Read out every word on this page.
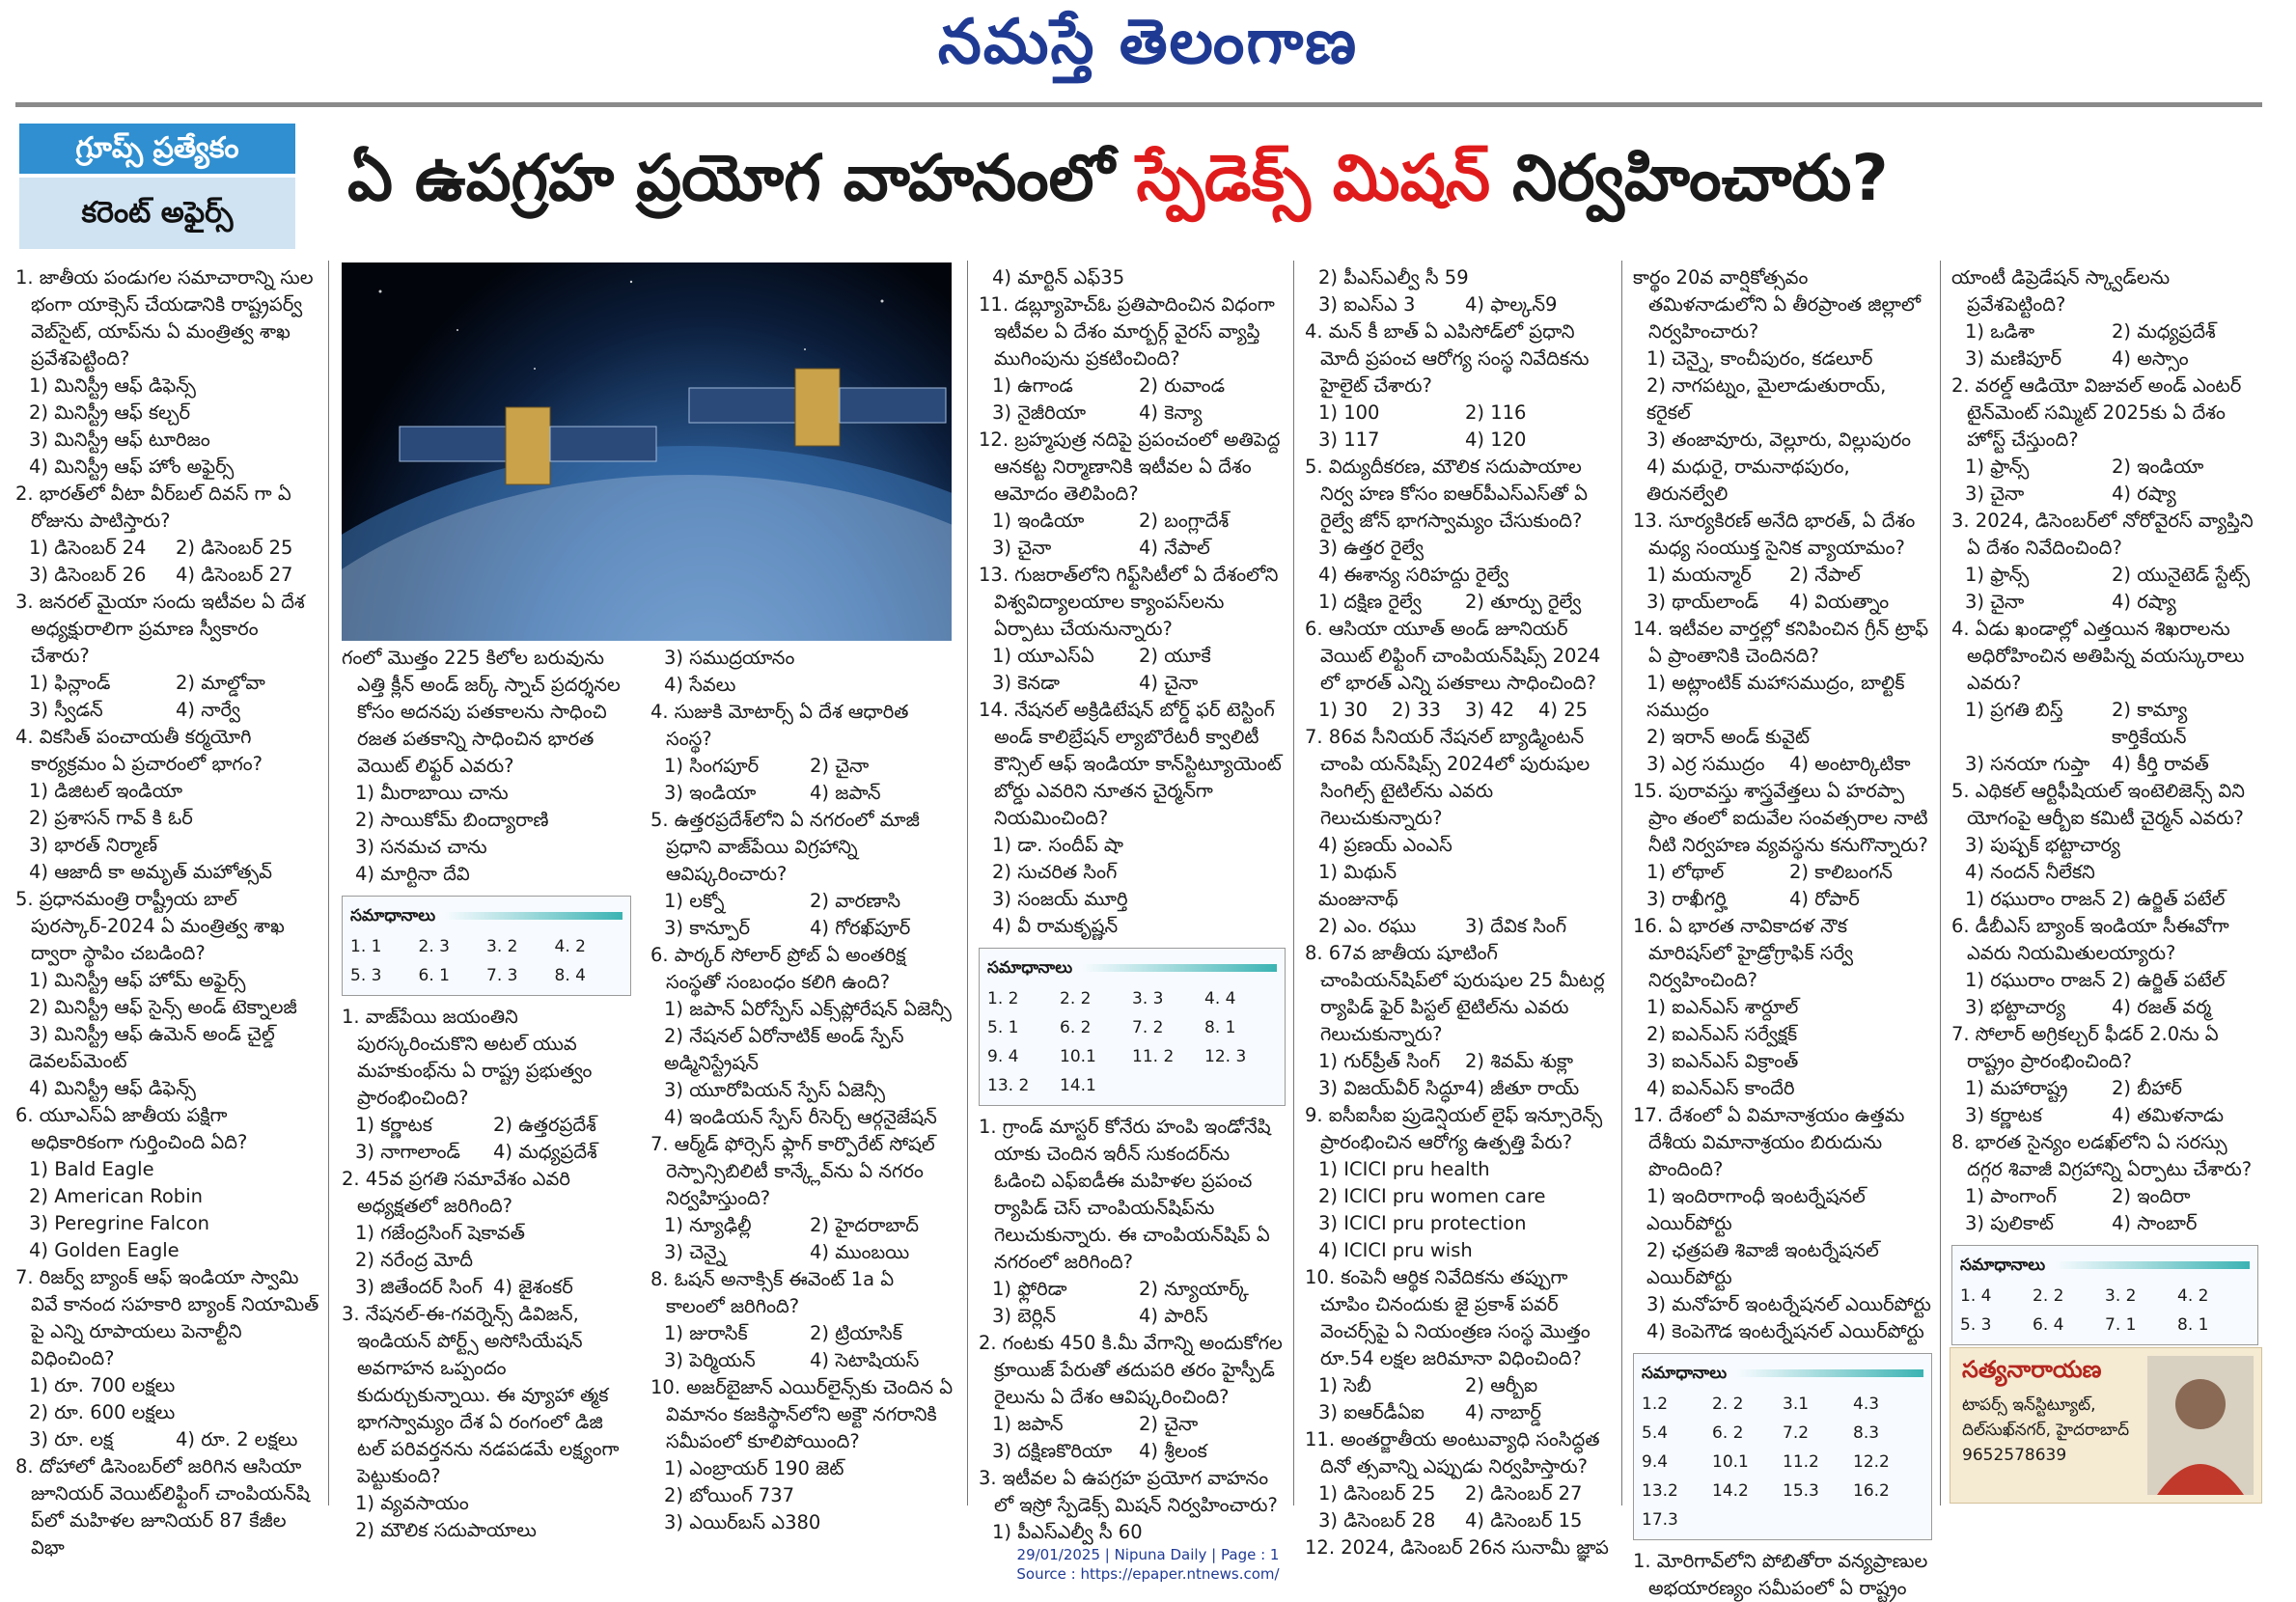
నమస్తే తెలంగాణ
గ్రూప్స్ ప్రత్యేకం
కరెంట్ అఫైర్స్	ఏ ఉపగ్రహ ప్రయోగ వాహనంలో స్పేడెక్స్ మిషన్ నిర్వహించారు?

1. జాతీయ పండుగల సమాచారాన్ని సుల భంగా యాక్సెస్ చేయడానికి రాష్ట్రపర్వ్ వెబ్‌సైట్, యాప్‌ను ఏ మంత్రిత్వ శాఖ ప్రవేశపెట్టింది?

1) మినిస్ట్రీ ఆఫ్ డిఫెన్స్

2) మినిస్ట్రీ ఆఫ్ కల్చర్

3) మినిస్ట్రీ ఆఫ్ టూరిజం

4) మినిస్ట్రీ ఆఫ్ హోం అఫైర్స్

2. భారత్‌లో వీటా వీర్‌బల్ దివస్ గా ఏ రోజును పాటిస్తారు?

1) డిసెంబర్ 24	2) డిసెంబర్ 25

3) డిసెంబర్ 26	4) డిసెంబర్ 27

3. జనరల్ మైయా సందు ఇటీవల ఏ దేశ అధ్యక్షురాలిగా ప్రమాణ స్వీకారం చేశారు?

1) ఫిన్లాండ్	2) మాల్డోవా

3) స్వీడన్	4) నార్వే

4. వికసిత్ పంచాయతీ కర్మయోగి కార్యక్రమం ఏ ప్రచారంలో భాగం?

1) డిజిటల్ ఇండియా

2) ప్రశాసన్ గావ్ కి ఓర్

3) భారత్ నిర్మాణ్

4) ఆజాదీ కా అమృత్ మహోత్సవ్

5. ప్రధానమంత్రి రాష్ట్రీయ బాల్ పురస్కార్-2024 ఏ మంత్రిత్వ శాఖ ద్వారా స్థాపిం చబడింది?

1) మినిస్ట్రీ ఆఫ్ హోమ్ అఫైర్స్

2) మినిస్ట్రీ ఆఫ్ సైన్స్ అండ్ టెక్నాలజీ

3) మినిస్ట్రీ ఆఫ్ ఉమెన్ అండ్ చైల్డ్ డెవలప్‌మెంట్

4) మినిస్ట్రీ ఆఫ్ డిఫెన్స్

6. యూఎస్‌ఏ జాతీయ పక్షిగా అధికారికంగా గుర్తించింది ఏది?

1) Bald Eagle

2) American Robin

3) Peregrine Falcon

4) Golden Eagle

7. రిజర్వ్ బ్యాంక్ ఆఫ్ ఇండియా స్వామి వివే కానంద సహకారి బ్యాంక్ నియామిత్ పై ఎన్ని రూపాయలు పెనాల్టీని విధించింది?

1) రూ. 700 లక్షలు

2) రూ. 600 లక్షలు

3) రూ. లక్ష	4) రూ. 2 లక్షలు

8. దోహాలో డిసెంబర్‌లో జరిగిన ఆసియా జూనియర్ వెయిట్‌లిఫ్టింగ్ చాంపియన్‌షి ప్‌లో మహిళల జూనియర్ 87 కేజీల విభా

గంలో మొత్తం 225 కిలోల బరువును ఎత్తి క్లీన్ అండ్ జర్క్ స్నాచ్ ప్రదర్శనల కోసం అదనపు పతకాలను సాధించి రజత పతకాన్ని సాధించిన భారత వెయిట్ లిఫ్టర్ ఎవరు?

1) మీరాబాయి చాను

2) సాయికోమ్ బింద్యారాణి

3) సనమచ చాను

4) మార్టినా దేవి

సమాధానాలు
1. 1	2. 3	3. 2	4. 2
5. 3	6. 1	7. 3	8. 4

1. వాజ్‌పేయి జయంతిని పురస్కరించుకొని అటల్ యువ మహకుంభ్‌ను ఏ రాష్ట్ర ప్రభుత్వం ప్రారంభించింది?

1) కర్ణాటక	2) ఉత్తరప్రదేశ్

3) నాగాలాండ్	4) మధ్యప్రదేశ్

2. 45వ ప్రగతి సమావేశం ఎవరి అధ్యక్షతలో జరిగింది?

1) గజేంద్రసింగ్ షెకావత్

2) నరేంద్ర మోదీ

3) జితేందర్ సింగ్ 4) జైశంకర్

3. నేషనల్-ఈ-గవర్నెన్స్ డివిజన్, ఇండియన్ పోర్ట్స్ అసోసియేషన్ అవగాహన ఒప్పందం కుదుర్చుకున్నాయి. ఈ వ్యూహా త్మక భాగస్వామ్యం దేశ ఏ రంగంలో డిజి టల్ పరివర్తనను నడపడమే లక్ష్యంగా పెట్టుకుంది?

1) వ్యవసాయం

2) మౌలిక సదుపాయాలు

3) సముద్రయానం

4) సేవలు

4. సుజుకి మోటార్స్ ఏ దేశ ఆధారిత సంస్థ?

1) సింగపూర్	2) చైనా

3) ఇండియా	4) జపాన్

5. ఉత్తరప్రదేశ్‌లోని ఏ నగరంలో మాజీ ప్రధాని వాజ్‌పేయి విగ్రహాన్ని ఆవిష్కరించారు?

1) లక్నో	2) వారణాసి

3) కాన్పూర్	4) గోరఖ్‌పూర్

6. పార్కర్ సోలార్ ప్రోబ్ ఏ అంతరిక్ష సంస్థతో సంబంధం కలిగి ఉంది?

1) జపాన్ ఏరోస్పేస్ ఎక్స్‌ప్లోరేషన్ ఏజెన్సీ

2) నేషనల్ ఏరోనాటిక్ అండ్ స్పేస్ అడ్మినిస్ట్రేషన్

3) యూరోపియన్ స్పేస్ ఏజెన్సీ

4) ఇండియన్ స్పేస్ రీసెర్చ్ ఆర్గనైజేషన్

7. ఆర్మ్‌డ్ ఫోర్సెస్ ఫ్లాగ్ కార్పొరేట్ సోషల్ రెస్పాన్సిబిలిటీ కాన్క్లేవ్‌ను ఏ నగరం నిర్వహిస్తుంది?

1) న్యూఢిల్లీ	2) హైదరాబాద్

3) చెన్నై	4) ముంబయి

8. ఓషన్ అనాక్సిక్ ఈవెంట్ 1a ఏ కాలంలో జరిగింది?

1) జురాసిక్	2) ట్రియాసిక్

3) పెర్మియన్	4) సెటాషియస్

10. అజర్‌బైజాన్ ఎయిర్‌లైన్స్‌కు చెందిన ఏ విమానం కజకిస్థాన్‌లోని అక్టౌ నగరానికి సమీపంలో కూలిపోయింది?

1) ఎంబ్రాయర్ 190 జెట్

2) బోయింగ్ 737

3) ఎయిర్‌బస్ ఎ380

4) మార్టిన్ ఎఫ్35

11. డబ్ల్యూహెచ్‌ఓ ప్రతిపాదించిన విధంగా ఇటీవల ఏ దేశం మార్బర్గ్ వైరస్ వ్యాప్తి ముగింపును ప్రకటించింది?

1) ఉగాండ	2) రువాండ

3) నైజీరియా	4) కెన్యా

12. బ్రహ్మపుత్ర నదిపై ప్రపంచంలో అతిపెద్ద ఆనకట్ట నిర్మాణానికి ఇటీవల ఏ దేశం ఆమోదం తెలిపింది?

1) ఇండియా	2) బంగ్లాదేశ్

3) చైనా	4) నేపాల్

13. గుజరాత్‌లోని గిఫ్ట్‌సిటీలో ఏ దేశంలోని విశ్వవిద్యాలయాల క్యాంపస్‌లను ఏర్పాటు చేయనున్నారు?

1) యూఎస్ఏ	2) యూకే

3) కెనడా	4) చైనా

14. నేషనల్ అక్రిడిటేషన్ బోర్డ్ ఫర్ టెస్టింగ్ అండ్ కాలిబ్రేషన్ ల్యాబొరేటరీ క్వాలిటీ కౌన్సిల్ ఆఫ్ ఇండియా కాన్‌స్టిట్యూయెంట్ బోర్డు ఎవరిని నూతన చైర్మన్‌గా నియమించింది?

1) డా. సందీప్ షా

2) సుచరిత సింగ్

3) సంజయ్ మూర్తి

4) వీ రామకృష్ణన్

సమాధానాలు
1. 2	2. 2	3. 3	4. 4
5. 1	6. 2	7. 2	8. 1
9. 4	10.1	11. 2	12. 3
13. 2	14.1

1. గ్రాండ్ మాస్టర్ కోనేరు హంపి ఇండోనేషి యాకు చెందిన ఇరీన్ సుకందర్‌ను ఓడించి ఎఫ్‌ఐడీఈ మహిళల ప్రపంచ ర్యాపిడ్ చెస్ చాంపియన్‌షిప్‌ను గెలుచుకున్నారు. ఈ చాంపియన్‌షిప్ ఏ నగరంలో జరిగింది?

1) ఫ్లోరిడా	2) న్యూయార్క్

3) బెర్లిన్	4) పారిస్

2. గంటకు 450 కి.మీ వేగాన్ని అందుకోగల క్రూయిజ్ పేరుతో తదుపరి తరం హైస్పీడ్ రైలును ఏ దేశం ఆవిష్కరించింది?

1) జపాన్	2) చైనా

3) దక్షిణకొరియా	4) శ్రీలంక

3. ఇటీవల ఏ ఉపగ్రహ ప్రయోగ వాహనం లో ఇస్రో స్పేడెక్స్ మిషన్ నిర్వహించారు?

1) పీఎస్‌ఎల్వీ సీ 60

2) పీఎస్‌ఎల్వీ సీ 59

3) ఐఎస్ఎ 3	4) ఫాల్కన్9

4. మన్ కీ బాత్ ఏ ఎపిసోడ్‌లో ప్రధాని మోదీ ప్రపంచ ఆరోగ్య సంస్థ నివేదికను హైలైట్ చేశారు?

1) 100	2) 116

3) 117	4) 120

5. విద్యుదీకరణ, మౌలిక సదుపాయాల నిర్వ హణ కోసం ఐఆర్‌పీఎస్ఎస్‌తో ఏ రైల్వే జోన్ భాగస్వామ్యం చేసుకుంది?

3) ఉత్తర రైల్వే

4) ఈశాన్య సరిహద్దు రైల్వే

1) దక్షిణ రైల్వే	2) తూర్పు రైల్వే

6. ఆసియా యూత్ అండ్ జూనియర్ వెయిట్ లిఫ్టింగ్ చాంపియన్‌షిప్స్ 2024 లో భారత్ ఎన్ని పతకాలు సాధించింది?

1) 30	2) 33	3) 42	4) 25

7. 86వ సీనియర్ నేషనల్ బ్యాడ్మింటన్ చాంపి యన్‌షిప్స్ 2024లో పురుషుల సింగిల్స్ టైటిల్‌ను ఎవరు గెలుచుకున్నారు?

4) ప్రణయ్ ఎంఎస్

1) మిథున్ మంజునాథ్

2) ఎం. రఘు	3) దేవిక సింగ్

8. 67వ జాతీయ షూటింగ్ చాంపియన్‌షిప్‌లో పురుషుల 25 మీటర్ల ర్యాపిడ్ ఫైర్ పిస్టల్ టైటిల్‌ను ఎవరు గెలుచుకున్నారు?

1) గుర్‌ప్రీత్ సింగ్	2) శివమ్ శుక్లా

3) విజయ్‌వీర్ సిద్ధూ 4) జీతూ రాయ్

9. ఐసీఐసీఐ ప్రుడెన్షియల్ లైఫ్ ఇన్సూరెన్స్ ప్రారంభించిన ఆరోగ్య ఉత్పత్తి పేరు?

1) ICICI pru health

2) ICICI pru women care

3) ICICI pru protection

4) ICICI pru wish

10. కంపెనీ ఆర్థిక నివేదికను తప్పుగా చూపిం చినందుకు జై ప్రకాశ్ పవర్ వెంచర్స్‌పై ఏ నియంత్రణ సంస్థ మొత్తం రూ.54 లక్షల జరిమానా విధించింది?

1) సెబీ	2) ఆర్బీఐ

3) ఐఆర్‌డీఏఐ	4) నాబార్డ్

11. అంతర్జాతీయ అంటువ్యాధి సంసిద్ధత దినో త్సవాన్ని ఎప్పుడు నిర్వహిస్తారు?

1) డిసెంబర్ 25	2) డిసెంబర్ 27

3) డిసెంబర్ 28	4) డిసెంబర్ 15

12. 2024, డిసెంబర్ 26న సునామీ జ్ఞాప

కార్థం 20వ వార్షికోత్సవం తమిళనాడులోని ఏ తీరప్రాంత జిల్లాలో నిర్వహించారు?

1) చెన్నై, కాంచీపురం, కడలూర్

2) నాగపట్నం, మైలాడుతురాయ్, కరైకల్

3) తంజావూరు, వెల్లూరు, విల్లుపురం

4) మధురై, రామనాథపురం, తిరునల్వేలి

13. సూర్యకిరణ్ అనేది భారత్, ఏ దేశం మధ్య సంయుక్త సైనిక వ్యాయామం?

1) మయన్మార్	2) నేపాల్

3) థాయ్‌లాండ్	4) వియత్నాం

14. ఇటీవల వార్తల్లో కనిపించిన గ్రీన్ ట్రాఫ్ ఏ ప్రాంతానికి చెందినది?

1) అట్లాంటిక్ మహాసముద్రం, బాల్టిక్ సముద్రం

2) ఇరాన్ అండ్ కువైట్

3) ఎర్ర సముద్రం	4) అంటార్కిటికా

15. పురావస్తు శాస్త్రవేత్తలు ఏ హరప్పా ప్రాం తంలో ఐదువేల సంవత్సరాల నాటి నీటి నిర్వహణ వ్యవస్థను కనుగొన్నారు?

1) లోథాల్	2) కాలిబంగన్

3) రాఖీగర్హి	4) రోపార్

16. ఏ భారత నావికాదళ నౌక మారిషస్‌లో హైడ్రోగ్రాఫిక్ సర్వే నిర్వహించింది?

1) ఐఎన్ఎస్ శార్దూల్

2) ఐఎన్ఎస్ సర్వేక్షక్

3) ఐఎన్ఎస్ విక్రాంత్

4) ఐఎన్ఎస్ కాందేరి

17. దేశంలో ఏ విమానాశ్రయం ఉత్తమ దేశీయ విమానాశ్రయం బిరుదును పొందింది?

1) ఇందిరాగాంధీ ఇంటర్నేషనల్ ఎయిర్‌పోర్టు

2) ఛత్రపతి శివాజీ ఇంటర్నేషనల్ ఎయిర్‌పోర్టు

3) మనోహర్ ఇంటర్నేషనల్ ఎయిర్‌పోర్టు

4) కెంపెగౌడ ఇంటర్నేషనల్ ఎయిర్‌పోర్టు

సమాధానాలు
1.2	2. 2	3.1	4.3
5.4	6. 2	7.2	8.3
9.4	10.1	11.2	12.2
13.2	14.2	15.3	16.2
17.3

1. మోరిగావ్‌లోని పోబితోరా వన్యప్రాణుల అభయారణ్యం సమీపంలో ఏ రాష్ట్రం

యాంటీ డిప్రెడేషన్ స్క్వాడ్‌లను ప్రవేశపెట్టింది?

1) ఒడిశా	2) మధ్యప్రదేశ్

3) మణిపూర్	4) అస్సాం

2. వరల్డ్ ఆడియో విజువల్ అండ్ ఎంటర్ టైన్‌మెంట్ సమ్మిట్ 2025కు ఏ దేశం హోస్ట్ చేస్తుంది?

1) ఫ్రాన్స్	2) ఇండియా

3) చైనా	4) రష్యా

3. 2024, డిసెంబర్‌లో నోరోవైరస్ వ్యాప్తిని ఏ దేశం నివేదించింది?

1) ఫ్రాన్స్	2) యునైటెడ్ స్టేట్స్

3) చైనా	4) రష్యా

4. ఏడు ఖండాల్లో ఎత్తయిన శిఖరాలను అధిరోహించిన అతిపిన్న వయస్కురాలు ఎవరు?

1) ప్రగతి బిస్త్	2) కామ్యా కార్తికేయన్

3) సనయా గుప్తా	4) కీర్తి రావత్

5. ఎథికల్ ఆర్టిఫీషియల్ ఇంటెలిజెన్స్ విని యోగంపై ఆర్బీఐ కమిటీ చైర్మన్ ఎవరు?

3) పుష్పక్ భట్టాచార్య

4) నందన్ నీలేకని

1) రఘురాం రాజన్ 2) ఉర్జిత్ పటేల్

6. డీబీఎస్ బ్యాంక్ ఇండియా సీఈవోగా ఎవరు నియమితులయ్యారు?

1) రఘురాం రాజన్ 2) ఉర్జిత్ పటేల్

3) భట్టాచార్య	4) రజత్ వర్మ

7. సోలార్ అగ్రికల్చర్ ఫీడర్ 2.0ను ఏ రాష్ట్రం ప్రారంభించింది?

1) మహారాష్ట్ర	2) బీహార్

3) కర్ణాటక	4) తమిళనాడు

8. భారత సైన్యం లడఖ్‌లోని ఏ సరస్సు దగ్గర శివాజీ విగ్రహాన్ని ఏర్పాటు చేశారు?

1) పాంగాంగ్	2) ఇందిరా

3) పులికాట్	4) సాంబార్

సమాధానాలు
1. 4	2. 2	3. 2	4. 2
5. 3	6. 4	7. 1	8. 1
సత్యనారాయణ
టాపర్స్ ఇన్‌స్టిట్యూట్,
దిల్‌సుఖ్‌నగర్, హైదరాబాద్
9652578639
29/01/2025 | Nipuna Daily | Page : 1
Source : https://epaper.ntnews.com/
